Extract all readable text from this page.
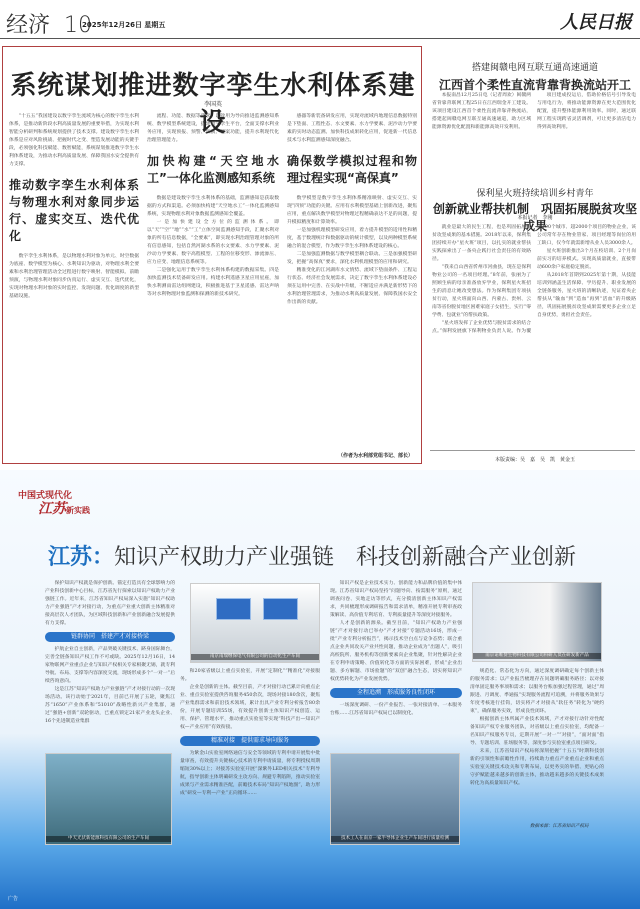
经济 10
2025年12月26日 星期五	人民日报
系统谋划推进数字孪生水利体系建设
李国英

“十五五”我国建设以数字孪生流域为核心的数字孪生水利体系，是推动新阶段水利高质量发展的重要举措，为实现水利智能分析研判和系统规划提供了技术支撑。建设数字孪生水利体系是应对风险挑战、把握时代之变、塑造发展动能的关键手段，必须强化科技赋能、数智赋能，系统谋划推进数字孪生水利体系建设，为推动水利高质量发展、保障我国水安全提供有力支撑。

推动数字孪生水利体系与物理水利对象同步运行、虚实交互、迭代优化

数字孪生水利体系，是以物理水利对象为单元、时空数据为底座、数学模型为核心、水利知识为驱动，对物理水利全要素和水利治理管理活动全过程进行数字映射、智能模拟、前瞻预演，与物理水利对象同步仿真运行、虚实交互、迭代优化，实现对物理水利对象的实时监控、发现问题、优化调度的新型基础设施。

流程、功能、数据等需求，以效用为导向推进监测感知系统、数学模型系统建设，搭建数字孪生平台，全面支撑水利业务应用，实现预报、预警、预演、预案功能，提升水利现代化治理管理能力。

加快构建“天空地水工”一体化监测感知系统

数据是建设数字孪生水利体系的基础，监测感知是获取数据的方式和渠道。必须加快构建“天空地水工”一体化监测感知系统，实现物理水利对象数据监测感知全覆盖。

一是加快建设全方位的监测体系。即以“天”“空”“地”“水”“工”立体空间监测感知手段，汇聚水利对象的所有信息数据，“全要素”，即实现水利治理管理对象的所有信息感知，包括自然河湖水系的水文要素、水力学要素、泥沙动力学要素、数字高程模型、工程的位移变形、渗流渗压、应力应变、地理信息系统等。

二是强化运用于数字孪生水利体系构建的数据采集。四是加快监测技术装备研发应用。构建水利遥感卫星应用星座，加快水利测雨雷达组网建设，积极推进基于卫星遥感、雷达声呐等对水利物理对象监测和探测的新技术研究。

感器等新装备研发应用，实现对流域内地理信息数据特别是下垫面、工程性态、水文要素、水力学要素、泥沙动力学要素的实时动态监测。加快科技成果转化应用，促进新一代信息技术与水利监测感知深度融合。

确保数学模拟过程和物理过程实现“高保真”

数学模型是数字孪生水利体系精准映射、虚实交互、实现“四预”功能的关键。应用有水利模型基础上创新改进，聚焦应用，重点解决数学模型对物理过程精确表达不足的问题，提升模拟精度和计算效率。

一是加强机理模型研发应用，着力提升模型的适用性和精度，基于数理统计和数据驱动的统计模型，以及两种模型系统融合的混合模型，作为数字孪生水利体系建设的核心。

二是加强监测数据与数学模型耦合联动。三是加强模型研发，把握“高保真”要求，深化水利机理模型的应用和研究。

精准变化的江河湖库水文情势、流域下垫面条件、工程运行状态、经济社会发展需求，决定了数字孪生水利体系建设必须在运用中完善、在实战中升级，不断适应并满足新形势下的水利治理管理需求，为推动水利高质量发展、保障我国水安全作出新的贡献。

（作者为水利部党组书记、部长）
搭建闽赣电网互联互通高速通道
江西首个柔性直流背靠背换流站开工

本报南昌12月25日电（记者周欢）闽赣两省背靠背联网工程25日在江西瑞金开工建设。该项目建设江西首个柔性直流背靠背换流站，搭建起闽赣电网互联互通高速通道，助力区域能源资源优化配置和新能源高效开发利用。

项目建成投运后，借助价格信号引导发电与用电行为，将推动能源资源在更大范围优化配置，提升整体能源利用效率。同时，通过联网工程实现跨省灵活调剂，可让更多清洁电力得到高效利用。

保利星火班持续培训乡村青年
创新就业帮扶机制　巩固拓展脱贫攻坚成果
本报记者　李刚

就业是最大的民生工程，也是巩固拓展脱贫攻坚成果的基本措施。2018年以来，保利集团持续开办“星火班”项目，以扎实的就业帮扶实践探索出了一条央企践行社会责任的有效路径。

“我来自山西省忻州市河曲县，现在是保利物业公司的一名项目经理。”8年前，张丽为了照顾生病的母亲准备放弃学业，保利星火班招生的消息让她改变想法。作为保利集团专项扶贫行动，星火班面向山西、内蒙古、贵州、云南等省份脱贫地区困难家庭子女招生，实行“零学费、包就业”的帮扶政策。

“星火班发挥了企业优势与脱贫需求的结合点。”保利发展旗下保利物业负责人说。作为覆盖190个城市、超2000个项目的物业企业，该公司常年存在物业管家、项目经理等岗位的用工缺口，仅今年就需新增从业人员3000余人。

星火班创新推出3个月在校培训、2个月岗前实习的培养模式。实现高质量就业，直接带动600余户家庭稳定脱贫。

从2018年首期到2025年第十期，从技能培训到涵盖生活保障、学历提升、职业发展的全链条服务，星火班的清晰轨迹，见证着央企帮扶从“输血”到“造血”再到“活血”的升级路径，巩固拓展脱贫攻坚成果需要更多企业立足自身优势，勇担社会责任。

本版责编：吴　嘉　吴　凯　黄金玉
中国式现代化
江苏新实践
江苏：知识产权助力产业强链　科技创新融合产业创新

保护知识产权就是保护创新。锚定打造具有全球影响力的产业科技创新中心目标，江苏省先行探索以知识产权助力产业强链工作。近年来，江苏省知识产权局深入实施“知识产权助力产业强链”产才对接行动，为重点产业重大创新主体精准对接高层次人才团队，为区域科技创新和产业创新融合发展提供有力支撑。

链群协同　搭建产才对接桥梁

护航企业自主创新，产品突破关键技术、跻身国际舞台，完善全链条知识产权工作不可或缺。2025年12月16日，14家物联网产业重点企业与知识产权相关专家相聚无锡，就专利导航、布局、支撑等内容深度交流，现场形成多个“一对一”后续咨询意向。

这是江苏“知识产权助力产业强链”产才对接行动的一次现场活动。该行动始于2021年，目前已开展了五轮，聚焦江苏“1650”产业体系和“51010”战略性新兴产业集群，通过“强链+创新”双轮驱动，已重点锁定21家产业龙头企业、16个先进制造业集群

和20家省级以上重点实验室，开展“定制化”“精准化”对接服务。

企业是创新的主体。截至目前，产才对接行动已累计向重点企业、重点实验室提供咨询服务450余次，现场对接180余次，聚焦产业集群需求和前沿技术领域，累计出具产业专利分析报告80余份，开展专题培训55场，有效提升创新主体知识产权创造、运用、保护、管理水平，推动重点实验室等实现“科技产出—知识产权—产业应用”有效衔接。

精准对接　提供需求导向服务

为紫金山实验室网络通信与安全等领域的专利申请开展集中批量审查，有效提升关键核心技术的专利申请质量，将专利授权周期缩短30%以上；对接苏实验室开展“深紫外LED相关技术”专利导航，指导创新主体明确研发主攻方向、规避专利陷阱，推动实验室成果与产业需求精准匹配，前瞻技术布局“知识产权地图”，助力形成“研发—专利—产业”正向循环……

知识产权是企业技术实力、创新能力和品牌价值的集中体现。江苏省知识产权局坚持“问题导向、按需服务”原则，通过调查问卷、实地走访等形式，充分摸清创新主体知识产权需求，共同梳理形成调研报告和需求清单，精准开展专利审查政策解读、高价值专利培育、专利质量提升等深度对接服务。

人才是创新的源泉。截至目前，“知识产权助力产业强链”产才对接行动已举办“产才对接”专题活动16场，形成一批“产业专利分析报告”，揭示技术空白点与竞争态势；联合重点企业共同攻关产业共性问题，推动企业成为“出题人”，吸引高校院所、服务机构等创新要素向企业集聚，针对性解决企业在专利申请策略、价值转化等方面的实际困难，形成“企业出题、多方解题、市场验题”的“双创”融合生态，切实将知识产权优势转化为产业发展优势。

全程追溯　形成服务良性闭环

一场深度调研、一份产业报告、一张对接清单、一本服务台账……江苏省知识产权局已以制度化、

规范化、常态化为方向，通过深度调研确定每个创新主体的服务需求；以产业报告梳理存在问题明确服务路径；以对接清单固定服务事项和需求；以服务台账加强过程管理，通过“周跟进、月调度、季通报”实现服务流程可追溯，并将服务效果与年度考核进行挂钩，切实将产才对接从“软任务”转化为“硬约束”，确保服务实效，形成良性闭环。

根据创新主体所属产业技术领域，产才对接行动针对性配备知识产权专业服务团队，对省级以上重点实验室，均配备一名知识产权服务专员，定期开展“一对一”“对接”，“面对面”指导、专题培训、驻场服务等，深度参与实验室重点项目研发。

未来，江苏省知识产权局将深刻把握“十五五”时期科技创新的引领性和前瞻性作用，持续助力重点产业重点企业和重点实验室关键技术攻关和专利布局，以更务实的举措、更贴心的守护赋能越来越多的创新主体，推动越来越多的关键技术成果转化为高质量知识产权。

南京南瑞继保电气有限公司的自动化生产车间	南京诺唯赞生物科技有限公司科研人员在研发新产品
中天光伏新能源科技有限公司的生产车间	技术工人在南京一家半导体企业生产车间进行质量检测
数据来源：江苏省知识产权局
广告
